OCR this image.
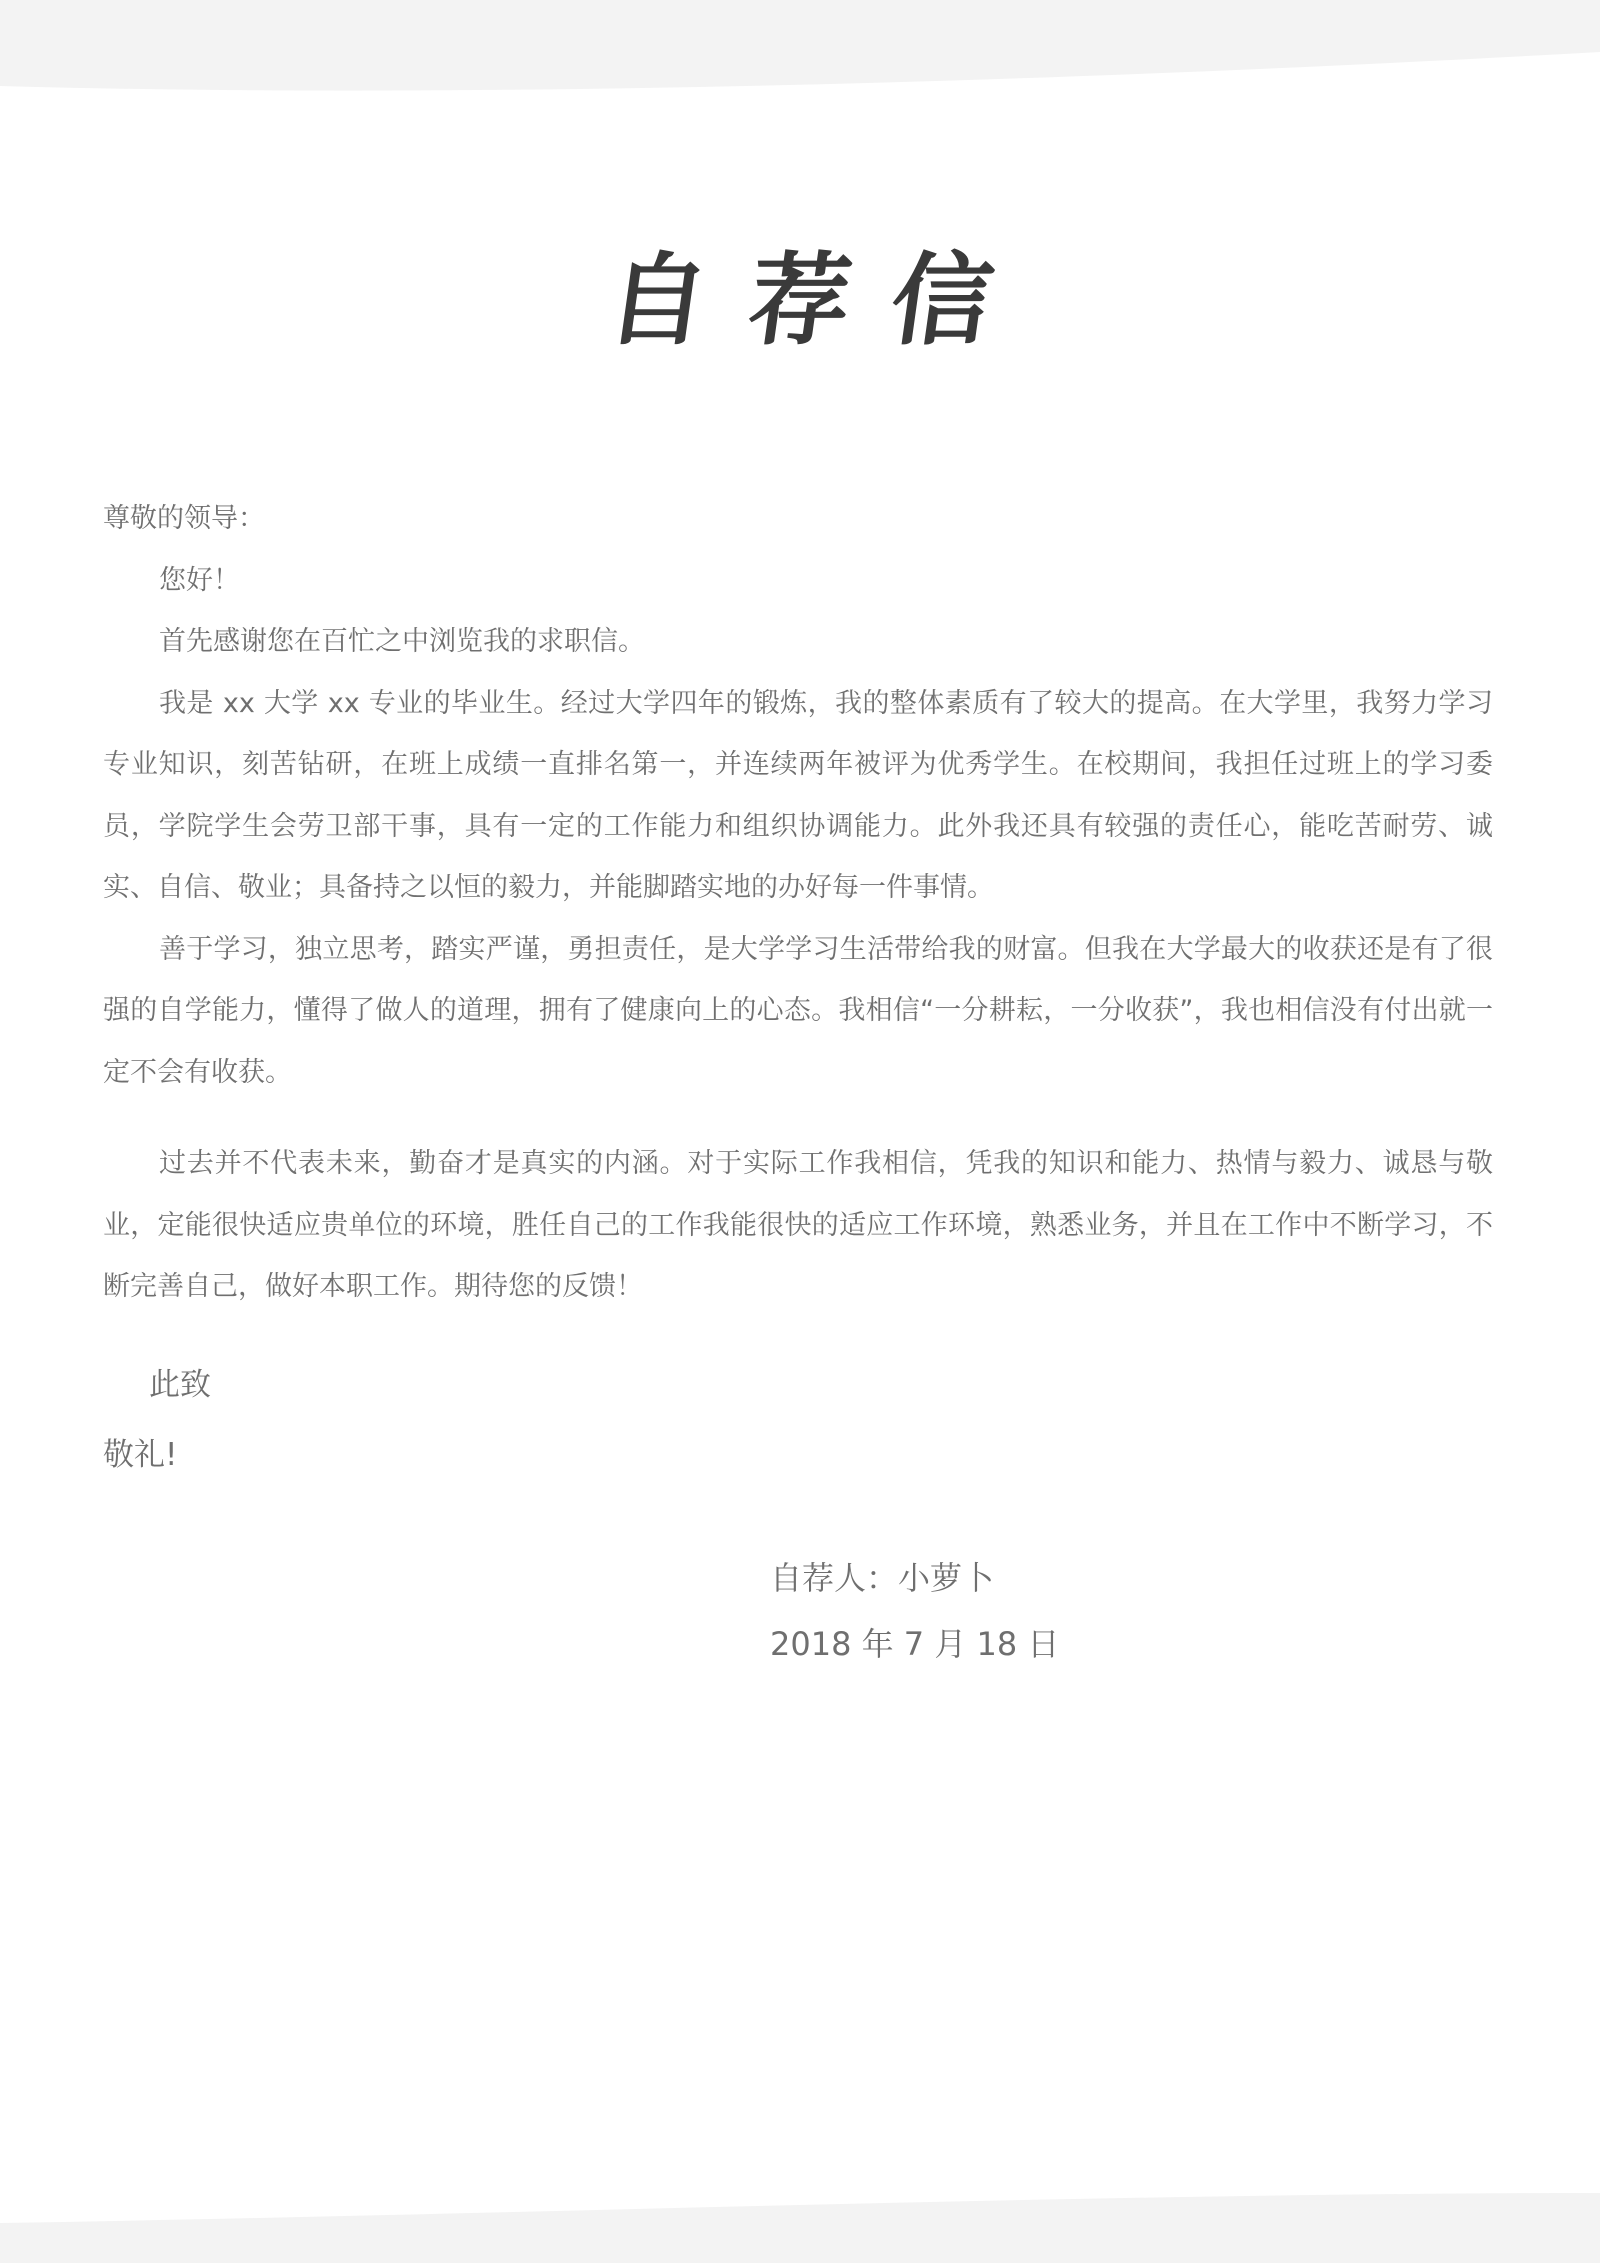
自荐信

尊敬的领导：

您好！

首先感谢您在百忙之中浏览我的求职信。

我是 xx 大学 xx 专业的毕业生。经过大学四年的锻炼，我的整体素质有了较大的提高。在大学里，我努力学习专业知识，刻苦钻研，在班上成绩一直排名第一，并连续两年被评为优秀学生。在校期间，我担任过班上的学习委员，学院学生会劳卫部干事，具有一定的工作能力和组织协调能力。此外我还具有较强的责任心，能吃苦耐劳、诚实、自信、敬业；具备持之以恒的毅力，并能脚踏实地的办好每一件事情。

善于学习，独立思考，踏实严谨，勇担责任，是大学学习生活带给我的财富。但我在大学最大的收获还是有了很强的自学能力，懂得了做人的道理，拥有了健康向上的心态。我相信“一分耕耘，一分收获”，我也相信没有付出就一定不会有收获。

过去并不代表未来，勤奋才是真实的内涵。对于实际工作我相信，凭我的知识和能力、热情与毅力、诚恳与敬业，定能很快适应贵单位的环境，胜任自己的工作我能很快的适应工作环境，熟悉业务，并且在工作中不断学习，不断完善自己，做好本职工作。期待您的反馈！

此致
敬礼!
自荐人：小萝卜
2018 年 7 月 18 日
